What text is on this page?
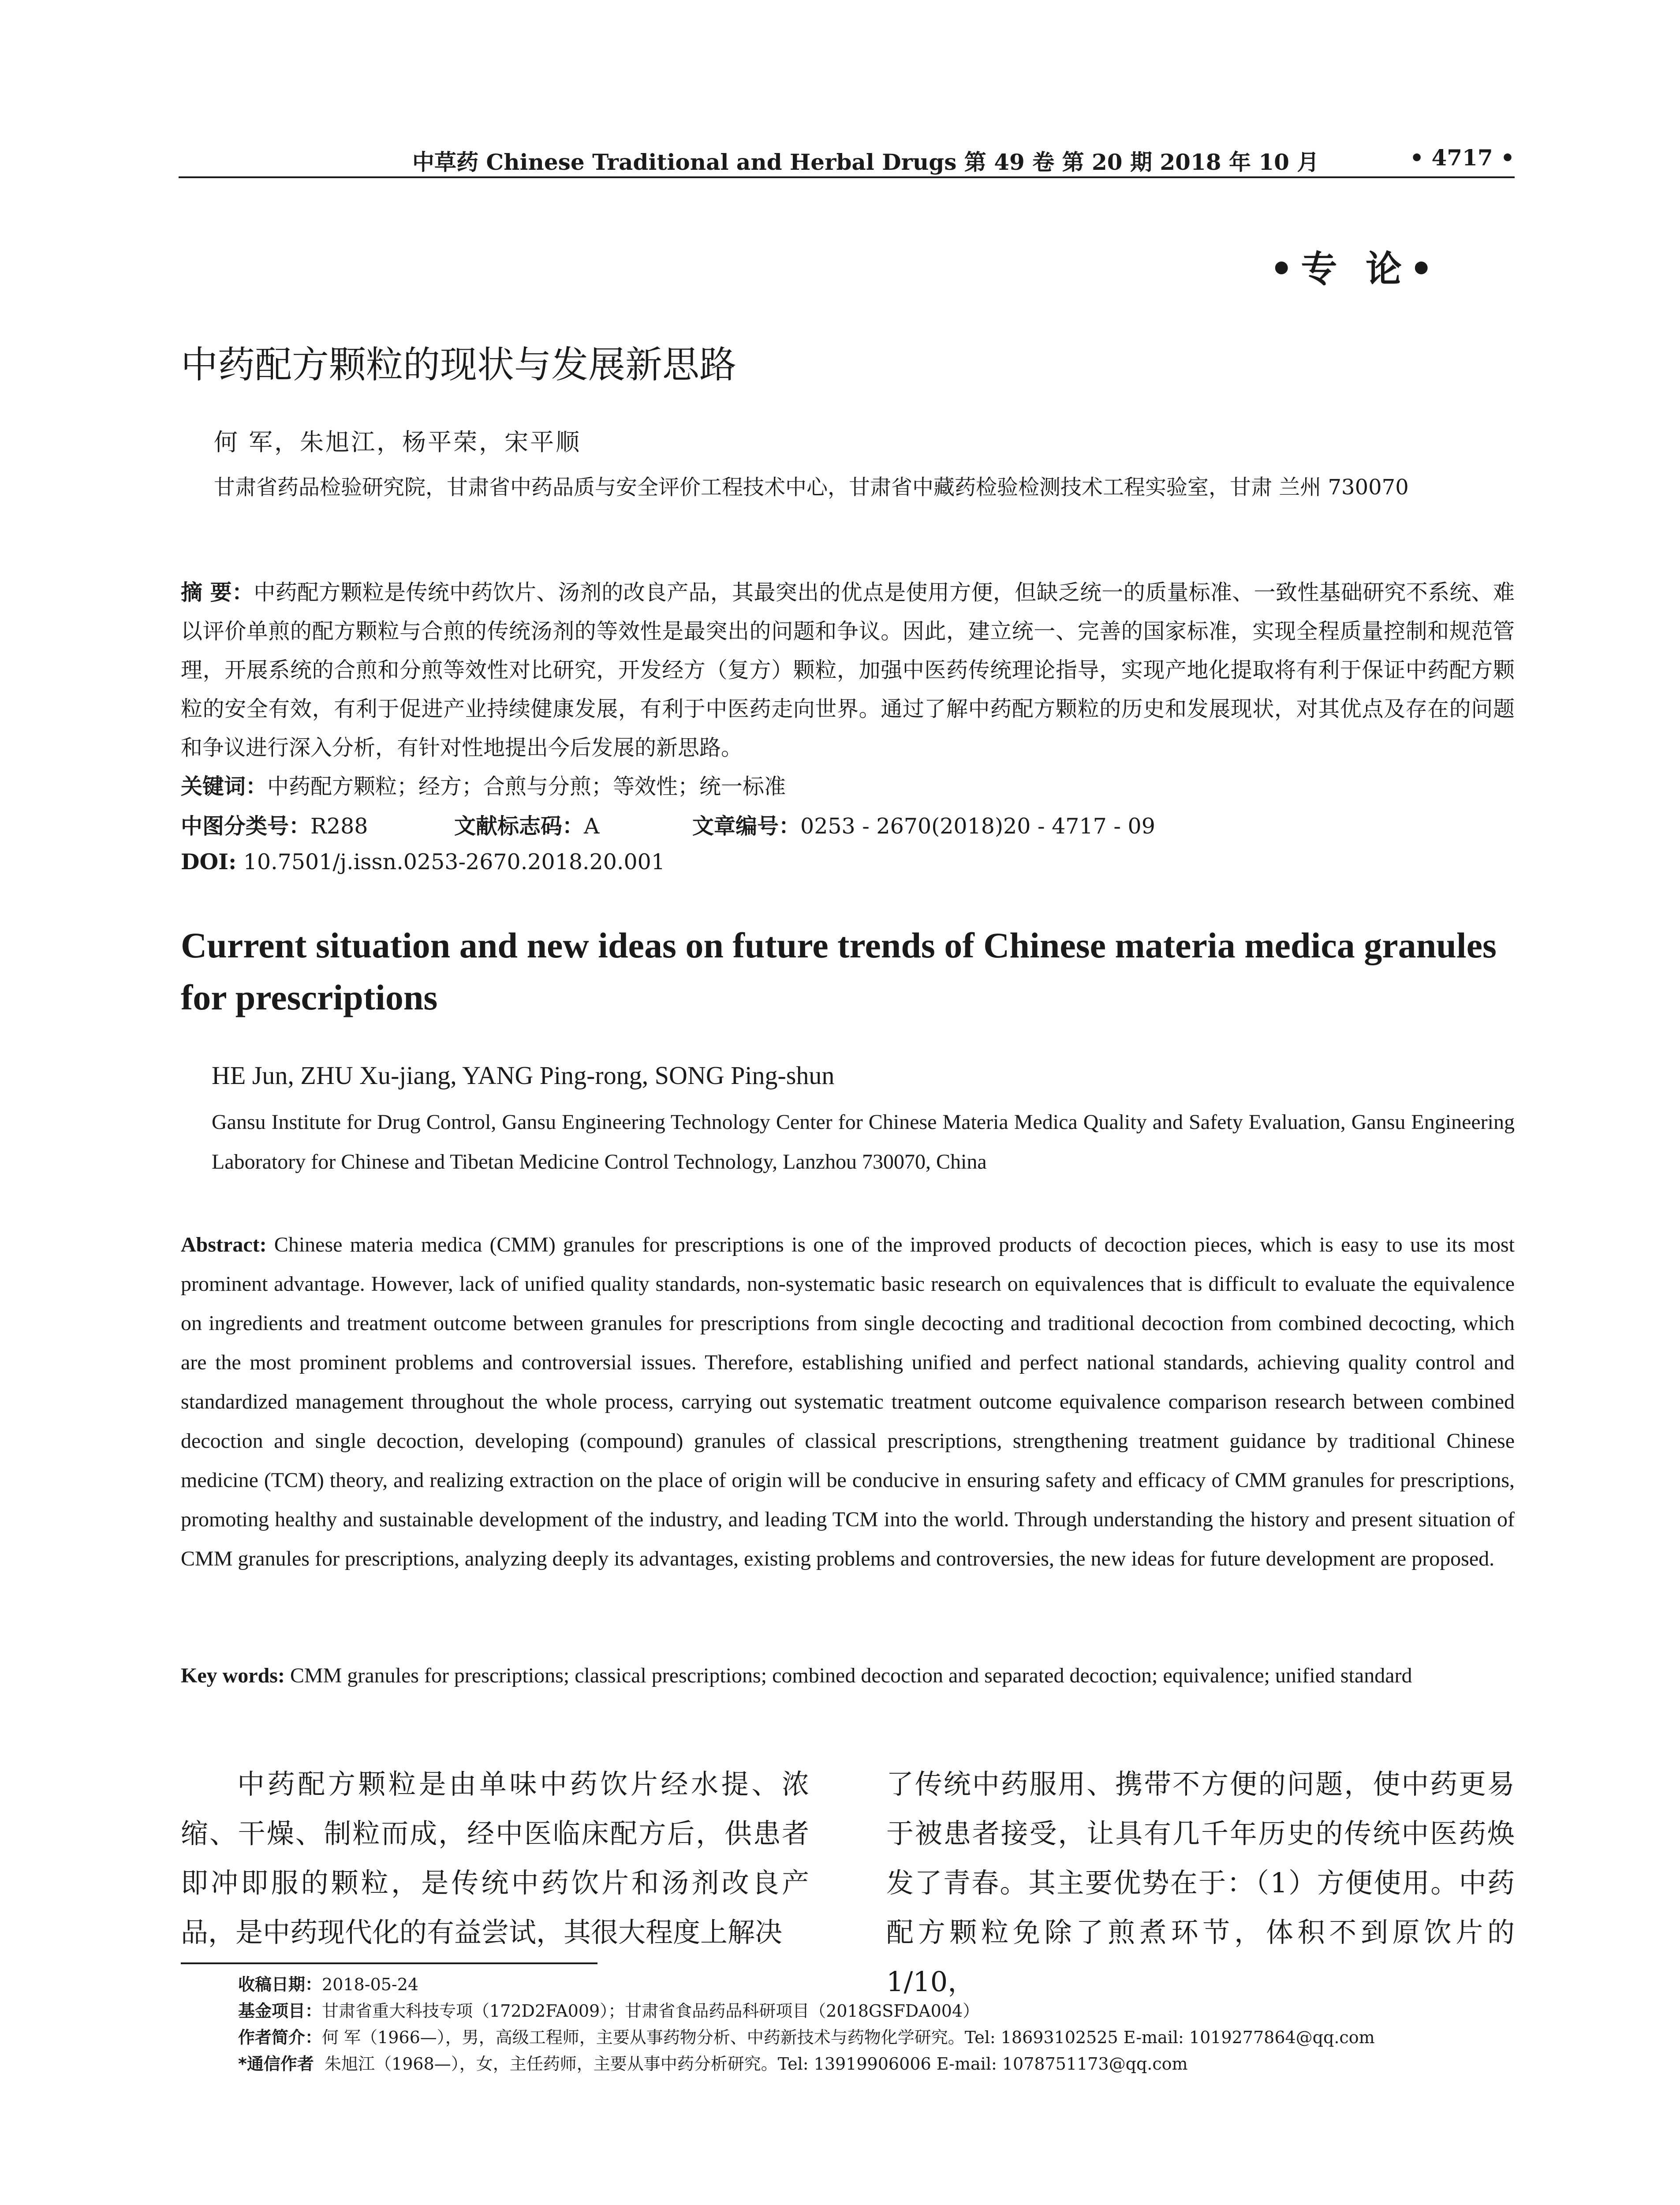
中草药 Chinese Traditional and Herbal Drugs 第 49 卷 第 20 期 2018 年 10 月	• 4717 •
•专 论•
中药配方颗粒的现状与发展新思路
何 军，朱旭江，杨平荣，宋平顺
甘肃省药品检验研究院，甘肃省中药品质与安全评价工程技术中心，甘肃省中藏药检验检测技术工程实验室，甘肃 兰州 730070
摘 要：中药配方颗粒是传统中药饮片、汤剂的改良产品，其最突出的优点是使用方便，但缺乏统一的质量标准、一致性基础研究不系统、难以评价单煎的配方颗粒与合煎的传统汤剂的等效性是最突出的问题和争议。因此，建立统一、完善的国家标准，实现全程质量控制和规范管理，开展系统的合煎和分煎等效性对比研究，开发经方（复方）颗粒，加强中医药传统理论指导，实现产地化提取将有利于保证中药配方颗粒的安全有效，有利于促进产业持续健康发展，有利于中医药走向世界。通过了解中药配方颗粒的历史和发展现状，对其优点及存在的问题和争议进行深入分析，有针对性地提出今后发展的新思路。
关键词：中药配方颗粒；经方；合煎与分煎；等效性；统一标准
中图分类号：R288	文献标志码：A	文章编号：0253 - 2670(2018)20 - 4717 - 09
DOI: 10.7501/j.issn.0253-2670.2018.20.001
Current situation and new ideas on future trends of Chinese materia medica granules for prescriptions
HE Jun, ZHU Xu-jiang, YANG Ping-rong, SONG Ping-shun
Gansu Institute for Drug Control, Gansu Engineering Technology Center for Chinese Materia Medica Quality and Safety Evaluation, Gansu Engineering Laboratory for Chinese and Tibetan Medicine Control Technology, Lanzhou 730070, China
Abstract: Chinese materia medica (CMM) granules for prescriptions is one of the improved products of decoction pieces, which is easy to use its most prominent advantage. However, lack of unified quality standards, non-systematic basic research on equivalences that is difficult to evaluate the equivalence on ingredients and treatment outcome between granules for prescriptions from single decocting and traditional decoction from combined decocting, which are the most prominent problems and controversial issues. Therefore, establishing unified and perfect national standards, achieving quality control and standardized management throughout the whole process, carrying out systematic treatment outcome equivalence comparison research between combined decoction and single decoction, developing (compound) granules of classical prescriptions, strengthening treatment guidance by traditional Chinese medicine (TCM) theory, and realizing extraction on the place of origin will be conducive in ensuring safety and efficacy of CMM granules for prescriptions, promoting healthy and sustainable development of the industry, and leading TCM into the world. Through understanding the history and present situation of CMM granules for prescriptions, analyzing deeply its advantages, existing problems and controversies, the new ideas for future development are proposed.
Key words: CMM granules for prescriptions; classical prescriptions; combined decoction and separated decoction; equivalence; unified standard
中药配方颗粒是由单味中药饮片经水提、浓缩、干燥、制粒而成，经中医临床配方后，供患者即冲即服的颗粒，是传统中药饮片和汤剂改良产品，是中药现代化的有益尝试，其很大程度上解决
了传统中药服用、携带不方便的问题，使中药更易于被患者接受，让具有几千年历史的传统中医药焕发了青春。其主要优势在于：（1）方便使用。中药配方颗粒免除了煎煮环节，体积不到原饮片的 1/10，
收稿日期：2018-05-24
基金项目：甘肃省重大科技专项（172D2FA009）；甘肃省食品药品科研项目（2018GSFDA004）
作者简介：何 军（1966—），男，高级工程师，主要从事药物分析、中药新技术与药物化学研究。Tel: 18693102525 E-mail: 1019277864@qq.com
*通信作者 朱旭江（1968—），女，主任药师，主要从事中药分析研究。Tel: 13919906006 E-mail: 1078751173@qq.com
